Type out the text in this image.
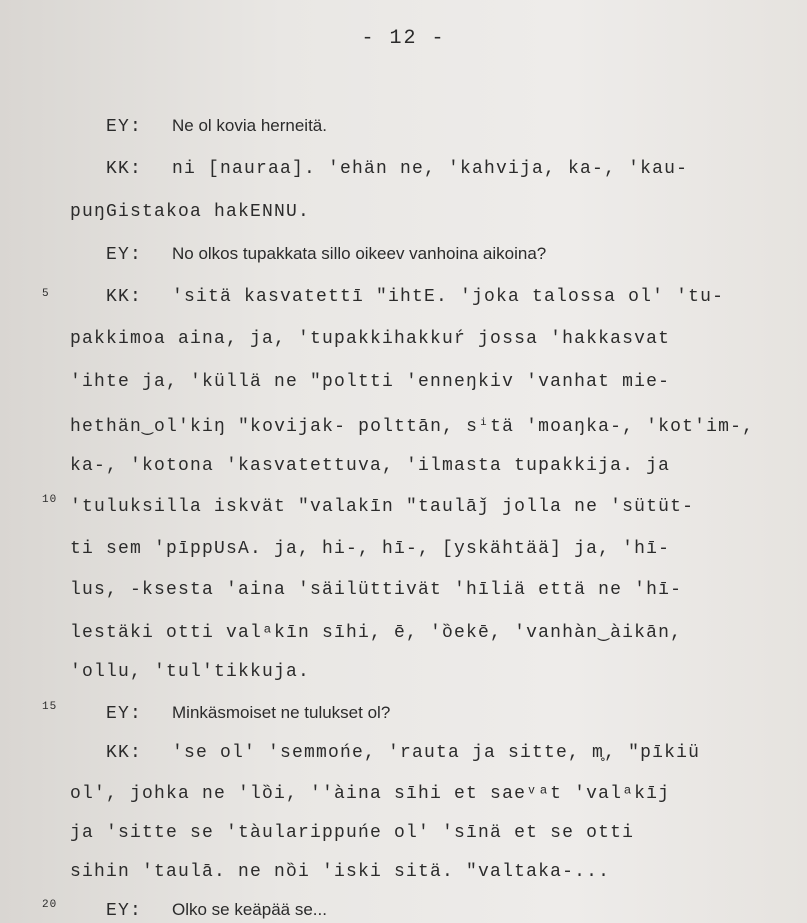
- 12 -
5
10
15
20
EY: Ne ol kovia herneitä.
KK: ni [nauraa]. 'ehän ne, 'kahvija, ka-, 'kau-
puŋGistakoa hakENNU.
EY: No olkos tupakkata sillo oikeev vanhoina aikoina?
KK: 'sitä kasvatettī "ihtE. 'joka talossa ol' 'tu-
pakkimoa aina, ja, 'tupakkihakkuŕ jossa 'hakkasvat
'ihte ja, 'küllä ne "poltti 'enneŋkiv 'vanhat mie-
hethän‿ol'kiŋ "kovijak- polttān, sⁱtä 'moaŋka-, 'kot'im-,
ka-, 'kotona 'kasvatettuva, 'ilmasta tupakkija. ja
'tuluksilla iskvät "valakīn "taulāǰ jolla ne 'sütüt-
ti sem 'pīppUsA. ja, hi-, hī-, [yskähtää] ja, 'hī-
lus, -ksesta 'aina 'säilüttivät 'hīliä että ne 'hī-
lestäki otti valᵃkīn sīhi, ē, 'ȍekē, 'vanhàn‿àikān,
'ollu, 'tul'tikkuja.
EY: Minkäsmoiset ne tulukset ol?
KK: 'se ol' 'semmońe, 'rauta ja sitte, m̥, "pīkiü
ol', johka ne 'lȍi, ''àina sīhi et saeᵛᵃt 'valᵃkīj
ja 'sitte se 'tàularippuńe ol' 'sīnä et se otti
sihin 'taulā. ne nȍi 'iski sitä. "valtaka-...
EY: Olko se keäpää se...
